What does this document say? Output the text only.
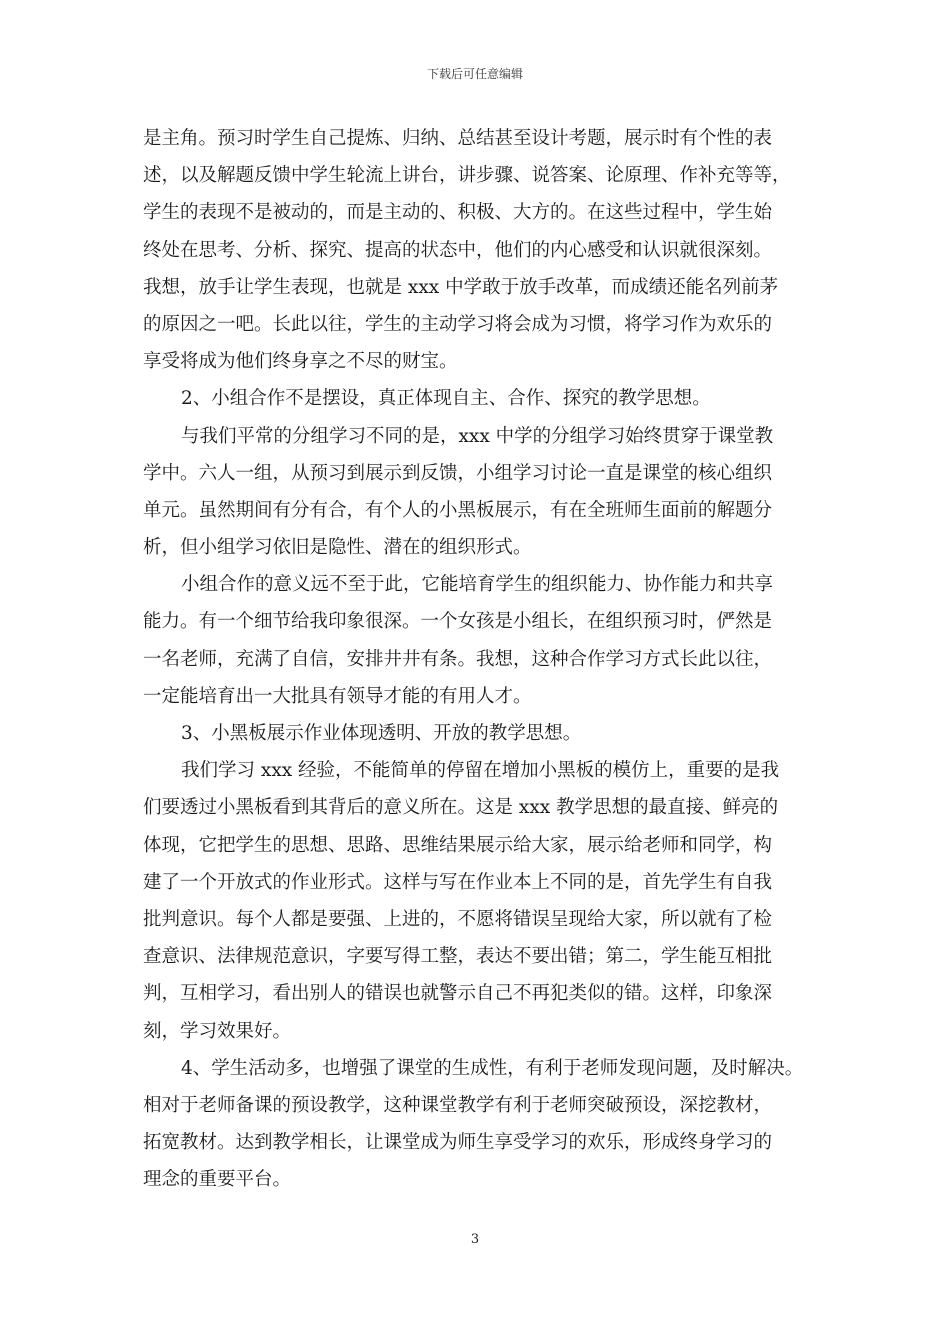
下载后可任意编辑
是主角。预习时学生自己提炼、归纳、总结甚至设计考题，展示时有个性的表
述，以及解题反馈中学生轮流上讲台，讲步骤、说答案、论原理、作补充等等，
学生的表现不是被动的，而是主动的、积极、大方的。在这些过程中，学生始
终处在思考、分析、探究、提高的状态中，他们的内心感受和认识就很深刻。
我想，放手让学生表现，也就是 xxx 中学敢于放手改革，而成绩还能名列前茅
的原因之一吧。长此以往，学生的主动学习将会成为习惯，将学习作为欢乐的
享受将成为他们终身享之不尽的财宝。
2、小组合作不是摆设，真正体现自主、合作、探究的教学思想。
与我们平常的分组学习不同的是，xxx 中学的分组学习始终贯穿于课堂教
学中。六人一组，从预习到展示到反馈，小组学习讨论一直是课堂的核心组织
单元。虽然期间有分有合，有个人的小黑板展示，有在全班师生面前的解题分
析，但小组学习依旧是隐性、潜在的组织形式。
小组合作的意义远不至于此，它能培育学生的组织能力、协作能力和共享
能力。有一个细节给我印象很深。一个女孩是小组长，在组织预习时，俨然是
一名老师，充满了自信，安排井井有条。我想，这种合作学习方式长此以往，
一定能培育出一大批具有领导才能的有用人才。
3、小黑板展示作业体现透明、开放的教学思想。
我们学习 xxx 经验，不能简单的停留在增加小黑板的模仿上，重要的是我
们要透过小黑板看到其背后的意义所在。这是 xxx 教学思想的最直接、鲜亮的
体现，它把学生的思想、思路、思维结果展示给大家，展示给老师和同学，构
建了一个开放式的作业形式。这样与写在作业本上不同的是，首先学生有自我
批判意识。每个人都是要强、上进的，不愿将错误呈现给大家，所以就有了检
查意识、法律规范意识，字要写得工整，表达不要出错；第二，学生能互相批
判，互相学习，看出别人的错误也就警示自己不再犯类似的错。这样，印象深
刻，学习效果好。
4、学生活动多，也增强了课堂的生成性，有利于老师发现问题，及时解决。
相对于老师备课的预设教学，这种课堂教学有利于老师突破预设，深挖教材，
拓宽教材。达到教学相长，让课堂成为师生享受学习的欢乐，形成终身学习的
理念的重要平台。
3
